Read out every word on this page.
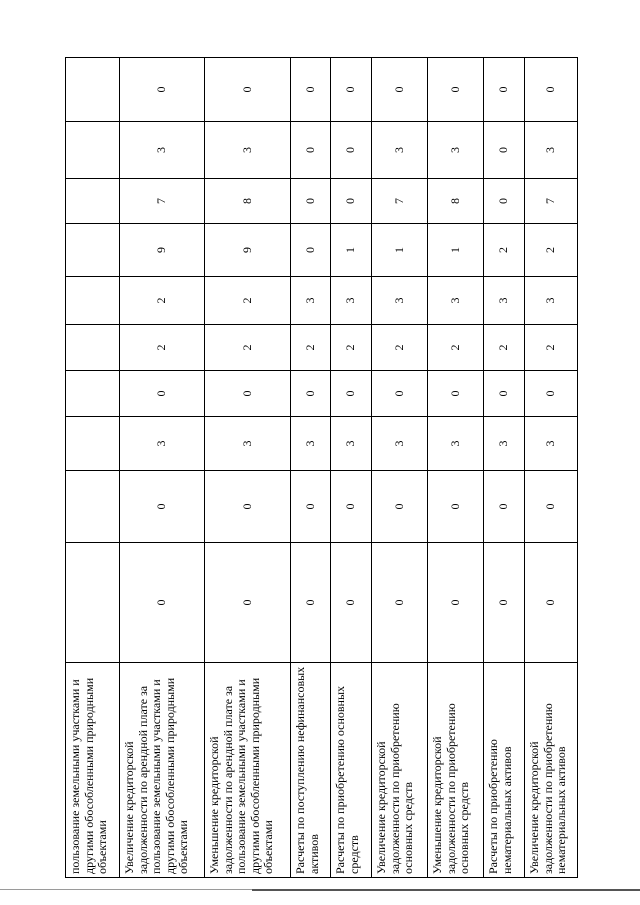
пользование земельными участками и другими обособленными природными объектами										
Увеличение кредиторской задолженности по арендной плате за пользование земельными участками и другими обособленными природными объектами	0	0	3	0	2	2	9	7	3	0
Уменьшение кредиторской задолженности по арендной плате за пользование земельными участками и другими обособленными природными объектами	0	0	3	0	2	2	9	8	3	0
Расчеты по поступлению нефинансовых активов	0	0	3	0	2	3	0	0	0	0
Расчеты по приобретению основных средств	0	0	3	0	2	3	1	0	0	0
Увеличение кредиторской задолженности по приобретению основных средств	0	0	3	0	2	3	1	7	3	0
Уменьшение кредиторской задолженности по приобретению основных средств	0	0	3	0	2	3	1	8	3	0
Расчеты по приобретению нематериальных активов	0	0	3	0	2	3	2	0	0	0
Увеличение кредиторской задолженности по приобретению нематериальных активов	0	0	3	0	2	3	2	7	3	0
